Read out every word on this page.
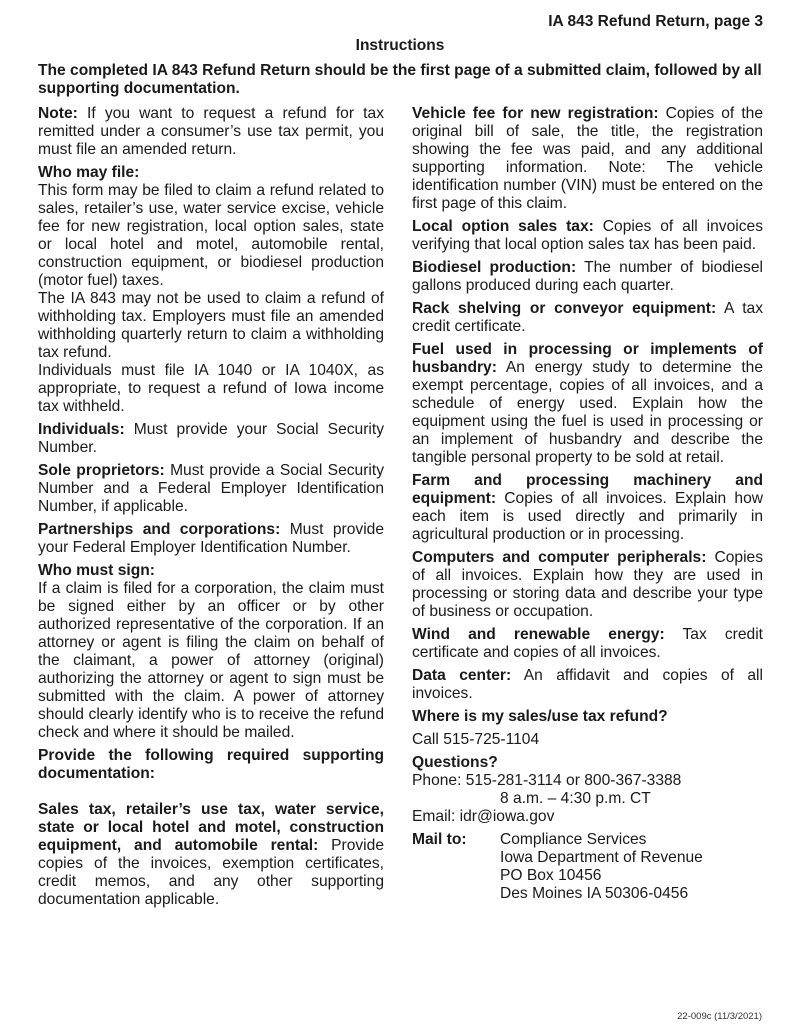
IA 843 Refund Return, page 3
Instructions
The completed IA 843 Refund Return should be the first page of a submitted claim, followed by all supporting documentation.

Note: If you want to request a refund for tax remitted under a consumer’s use tax permit, you must file an amended return.

Who may file:

This form may be filed to claim a refund related to sales, retailer’s use, water service excise, vehicle fee for new registration, local option sales, state or local hotel and motel, automobile rental, construction equipment, or biodiesel production (motor fuel) taxes.

The IA 843 may not be used to claim a refund of withholding tax. Employers must file an amended withholding quarterly return to claim a withholding tax refund.

Individuals must file IA 1040 or IA 1040X, as appropriate, to request a refund of Iowa income tax withheld.

Individuals: Must provide your Social Security Number.

Sole proprietors: Must provide a Social Security Number and a Federal Employer Identification Number, if applicable.

Partnerships and corporations: Must provide your Federal Employer Identification Number.

Who must sign:

If a claim is filed for a corporation, the claim must be signed either by an officer or by other authorized representative of the corporation. If an attorney or agent is filing the claim on behalf of the claimant, a power of attorney (original) authorizing the attorney or agent to sign must be submitted with the claim. A power of attorney should clearly identify who is to receive the refund check and where it should be mailed.

Provide the following required supporting documentation:

Sales tax, retailer’s use tax, water service, state or local hotel and motel, construction equipment, and automobile rental: Provide copies of the invoices, exemption certificates, credit memos, and any other supporting documentation applicable.

Vehicle fee for new registration: Copies of the original bill of sale, the title, the registration showing the fee was paid, and any additional supporting information. Note: The vehicle identification number (VIN) must be entered on the first page of this claim.

Local option sales tax: Copies of all invoices verifying that local option sales tax has been paid.

Biodiesel production: The number of biodiesel gallons produced during each quarter.

Rack shelving or conveyor equipment: A tax credit certificate.

Fuel used in processing or implements of husbandry: An energy study to determine the exempt percentage, copies of all invoices, and a schedule of energy used. Explain how the equipment using the fuel is used in processing or an implement of husbandry and describe the tangible personal property to be sold at retail.

Farm and processing machinery and equipment: Copies of all invoices. Explain how each item is used directly and primarily in agricultural production or in processing.

Computers and computer peripherals: Copies of all invoices. Explain how they are used in processing or storing data and describe your type of business or occupation.

Wind and renewable energy: Tax credit certificate and copies of all invoices.

Data center: An affidavit and copies of all invoices.

Where is my sales/use tax refund?
Call 515-725-1104
Questions?
Phone: 515-281-3114 or 800-367-3388
8 a.m. – 4:30 p.m. CT
Email: idr@iowa.gov
Mail to:	Compliance Services
Iowa Department of Revenue
PO Box 10456
Des Moines IA 50306-0456
22-009c (11/3/2021)
